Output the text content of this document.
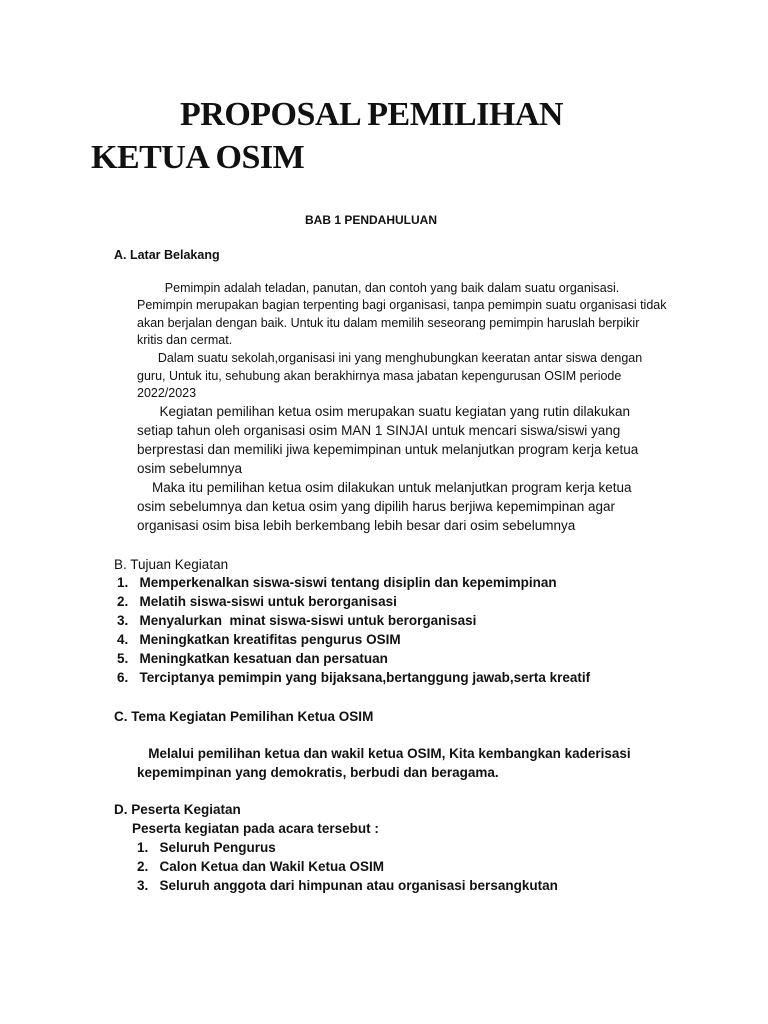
PROPOSAL PEMILIHAN
KETUA OSIM
BAB 1 PENDAHULUAN
A. Latar Belakang
Pemimpin adalah teladan, panutan, dan contoh yang baik dalam suatu organisasi.
Pemimpin merupakan bagian terpenting bagi organisasi, tanpa pemimpin suatu organisasi tidak
akan berjalan dengan baik. Untuk itu dalam memilih seseorang pemimpin haruslah berpikir
kritis dan cermat.
Dalam suatu sekolah,organisasi ini yang menghubungkan keeratan antar siswa dengan
guru, Untuk itu, sehubung akan berakhirnya masa jabatan kepengurusan OSIM periode
2022/2023
Kegiatan pemilihan ketua osim merupakan suatu kegiatan yang rutin dilakukan
setiap tahun oleh organisasi osim MAN 1 SINJAI untuk mencari siswa/siswi yang
berprestasi dan memiliki jiwa kepemimpinan untuk melanjutkan program kerja ketua
osim sebelumnya
Maka itu pemilihan ketua osim dilakukan untuk melanjutkan program kerja ketua
osim sebelumnya dan ketua osim yang dipilih harus berjiwa kepemimpinan agar
organisasi osim bisa lebih berkembang lebih besar dari osim sebelumnya
B. Tujuan Kegiatan
1.   Memperkenalkan siswa-siswi tentang disiplin dan kepemimpinan
2.   Melatih siswa-siswi untuk berorganisasi
3.   Menyalurkan  minat siswa-siswi untuk berorganisasi
4.   Meningkatkan kreatifitas pengurus OSIM
5.   Meningkatkan kesatuan dan persatuan
6.   Terciptanya pemimpin yang bijaksana,bertanggung jawab,serta kreatif
C. Tema Kegiatan Pemilihan Ketua OSIM
Melalui pemilihan ketua dan wakil ketua OSIM, Kita kembangkan kaderisasi
kepemimpinan yang demokratis, berbudi dan beragama.
D. Peserta Kegiatan
Peserta kegiatan pada acara tersebut :
1.   Seluruh Pengurus
2.   Calon Ketua dan Wakil Ketua OSIM
3.   Seluruh anggota dari himpunan atau organisasi bersangkutan
